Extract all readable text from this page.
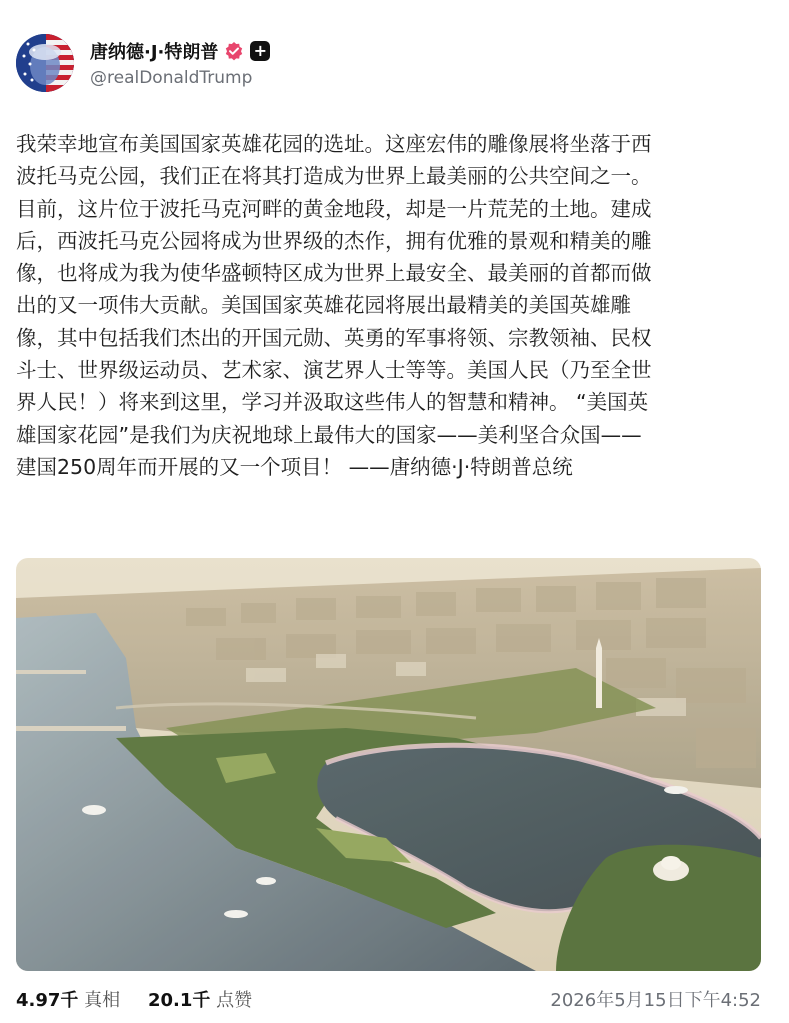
唐纳德·J·特朗普 +
@realDonaldTrump
我荣幸地宣布美国国家英雄花园的选址。这座宏伟的雕像展将坐落于西
波托马克公园，我们正在将其打造成为世界上最美丽的公共空间之一。
目前，这片位于波托马克河畔的黄金地段，却是一片荒芜的土地。建成
后，西波托马克公园将成为世界级的杰作，拥有优雅的景观和精美的雕
像，也将成为我为使华盛顿特区成为世界上最安全、最美丽的首都而做
出的又一项伟大贡献。美国国家英雄花园将展出最精美的美国英雄雕
像，其中包括我们杰出的开国元勋、英勇的军事将领、宗教领袖、民权
斗士、世界级运动员、艺术家、演艺界人士等等。美国人民（乃至全世
界人民！）将来到这里，学习并汲取这些伟人的智慧和精神。 “美国英
雄国家花园”是我们为庆祝地球上最伟大的国家——美利坚合众国——
建国250周年而开展的又一个项目！ ——唐纳德·J·特朗普总统
4.97千 真相 20.1千 点赞	2026年5月15日下午4:52
